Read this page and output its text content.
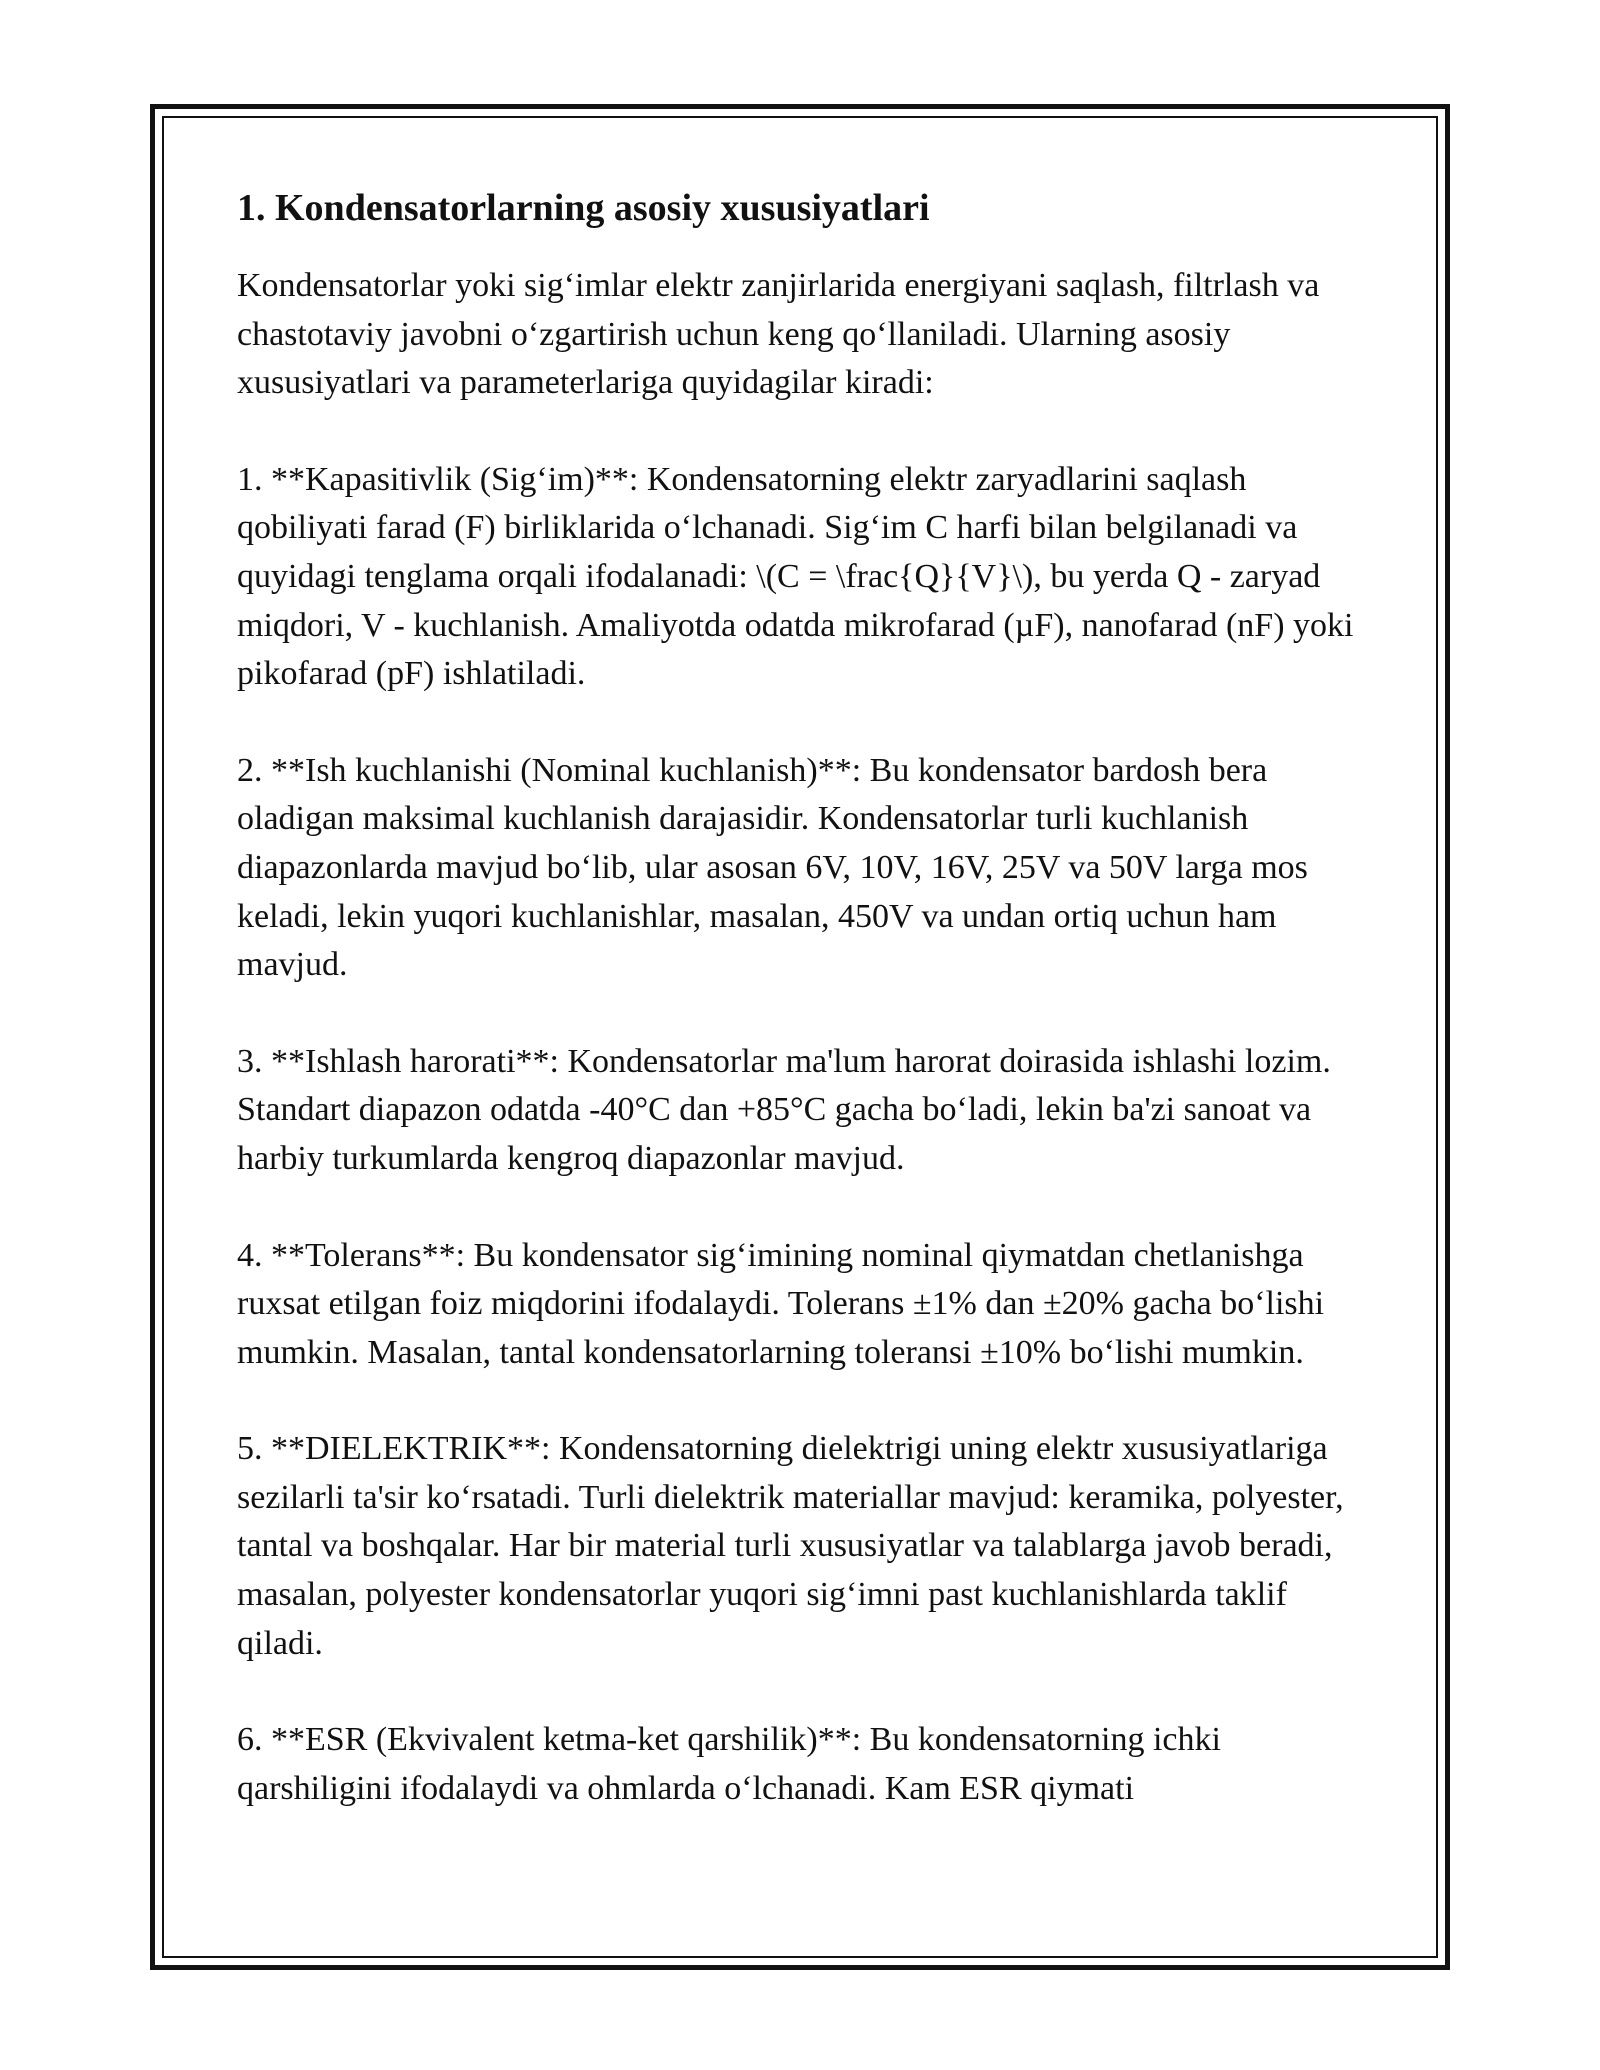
1. Kondensatorlarning asosiy xususiyatlari

Kondensatorlar yoki sig‘imlar elektr zanjirlarida energiyani saqlash, filtrlash va chastotaviy javobni o‘zgartirish uchun keng qo‘llaniladi. Ularning asosiy xususiyatlari va parameterlariga quyidagilar kiradi:

1. **Kapasitivlik (Sig‘im)**: Kondensatorning elektr zaryadlarini saqlash qobiliyati farad (F) birliklarida o‘lchanadi. Sig‘im C harfi bilan belgilanadi va quyidagi tenglama orqali ifodalanadi: \(C = \frac{Q}{V}\), bu yerda Q - zaryad miqdori, V - kuchlanish. Amaliyotda odatda mikrofarad (µF), nanofarad (nF) yoki pikofarad (pF) ishlatiladi.

2. **Ish kuchlanishi (Nominal kuchlanish)**: Bu kondensator bardosh bera oladigan maksimal kuchlanish darajasidir. Kondensatorlar turli kuchlanish diapazonlarda mavjud bo‘lib, ular asosan 6V, 10V, 16V, 25V va 50V larga mos keladi, lekin yuqori kuchlanishlar, masalan, 450V va undan ortiq uchun ham mavjud.

3. **Ishlash harorati**: Kondensatorlar ma'lum harorat doirasida ishlashi lozim. Standart diapazon odatda -40°C dan +85°C gacha bo‘ladi, lekin ba'zi sanoat va harbiy turkumlarda kengroq diapazonlar mavjud.

4. **Tolerans**: Bu kondensator sig‘imining nominal qiymatdan chetlanishga ruxsat etilgan foiz miqdorini ifodalaydi. Tolerans ±1% dan ±20% gacha bo‘lishi mumkin. Masalan, tantal kondensatorlarning toleransi ±10% bo‘lishi mumkin.

5. **DIELEKTRIK**: Kondensatorning dielektrigi uning elektr xususiyatlariga sezilarli ta'sir ko‘rsatadi. Turli dielektrik materiallar mavjud: keramika, polyester, tantal va boshqalar. Har bir material turli xususiyatlar va talablarga javob beradi, masalan, polyester kondensatorlar yuqori sig‘imni past kuchlanishlarda taklif qiladi.

6. **ESR (Ekvivalent ketma-ket qarshilik)**: Bu kondensatorning ichki qarshiligini ifodalaydi va ohmlarda o‘lchanadi. Kam ESR qiymati
